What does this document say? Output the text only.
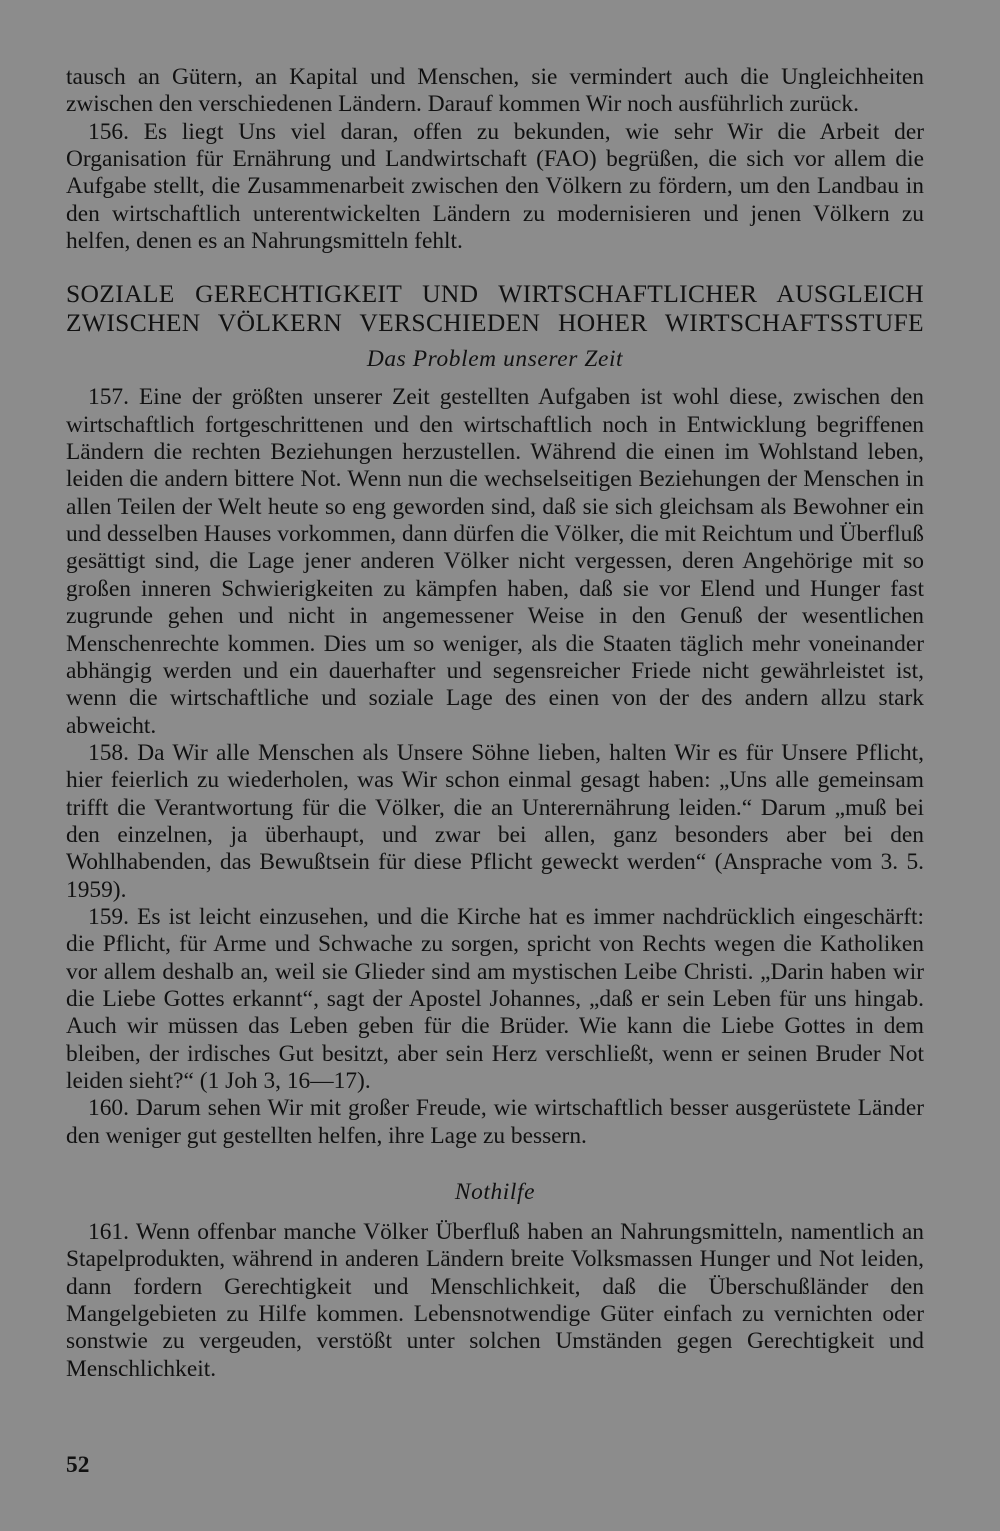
tausch an Gütern, an Kapital und Menschen, sie vermindert auch die Ungleichheiten zwischen den verschiedenen Ländern. Darauf kommen Wir noch ausführlich zurück.

156. Es liegt Uns viel daran, offen zu bekunden, wie sehr Wir die Arbeit der Organisation für Ernährung und Landwirtschaft (FAO) begrüßen, die sich vor allem die Aufgabe stellt, die Zusammenarbeit zwischen den Völkern zu fördern, um den Landbau in den wirtschaftlich unterentwickelten Ländern zu modernisieren und jenen Völkern zu helfen, denen es an Nahrungsmitteln fehlt.

SOZIALE GERECHTIGKEIT UND WIRTSCHAFTLICHER AUSGLEICH
ZWISCHEN VÖLKERN VERSCHIEDEN HOHER WIRTSCHAFTSSTUFE
Das Problem unserer Zeit

157. Eine der größten unserer Zeit gestellten Aufgaben ist wohl diese, zwischen den wirtschaftlich fortgeschrittenen und den wirtschaftlich noch in Entwicklung begriffenen Ländern die rechten Beziehungen herzustellen. Während die einen im Wohlstand leben, leiden die andern bittere Not. Wenn nun die wechselseitigen Beziehungen der Menschen in allen Teilen der Welt heute so eng geworden sind, daß sie sich gleichsam als Bewohner ein und desselben Hauses vorkommen, dann dürfen die Völker, die mit Reichtum und Überfluß gesättigt sind, die Lage jener anderen Völker nicht vergessen, deren Angehörige mit so großen inneren Schwierigkeiten zu kämpfen haben, daß sie vor Elend und Hunger fast zugrunde gehen und nicht in angemessener Weise in den Genuß der wesentlichen Menschenrechte kommen. Dies um so weniger, als die Staaten täglich mehr voneinander abhängig werden und ein dauerhafter und segensreicher Friede nicht gewährleistet ist, wenn die wirtschaftliche und soziale Lage des einen von der des andern allzu stark abweicht.

158. Da Wir alle Menschen als Unsere Söhne lieben, halten Wir es für Unsere Pflicht, hier feierlich zu wiederholen, was Wir schon einmal gesagt haben: „Uns alle gemeinsam trifft die Verantwortung für die Völker, die an Unterernährung leiden.“ Darum „muß bei den einzelnen, ja überhaupt, und zwar bei allen, ganz besonders aber bei den Wohlhabenden, das Bewußtsein für diese Pflicht geweckt werden“ (Ansprache vom 3. 5. 1959).

159. Es ist leicht einzusehen, und die Kirche hat es immer nachdrücklich eingeschärft: die Pflicht, für Arme und Schwache zu sorgen, spricht von Rechts wegen die Katholiken vor allem deshalb an, weil sie Glieder sind am mystischen Leibe Christi. „Darin haben wir die Liebe Gottes erkannt“, sagt der Apostel Johannes, „daß er sein Leben für uns hingab. Auch wir müssen das Leben geben für die Brüder. Wie kann die Liebe Gottes in dem bleiben, der irdisches Gut besitzt, aber sein Herz verschließt, wenn er seinen Bruder Not leiden sieht?“ (1 Joh 3, 16—17).

160. Darum sehen Wir mit großer Freude, wie wirtschaftlich besser ausgerüstete Länder den weniger gut gestellten helfen, ihre Lage zu bessern.

Nothilfe

161. Wenn offenbar manche Völker Überfluß haben an Nahrungsmitteln, namentlich an Stapelprodukten, während in anderen Ländern breite Volksmassen Hunger und Not leiden, dann fordern Gerechtigkeit und Menschlichkeit, daß die Überschußländer den Mangelgebieten zu Hilfe kommen. Lebensnotwendige Güter einfach zu vernichten oder sonstwie zu vergeuden, verstößt unter solchen Umständen gegen Gerechtigkeit und Menschlichkeit.

52
